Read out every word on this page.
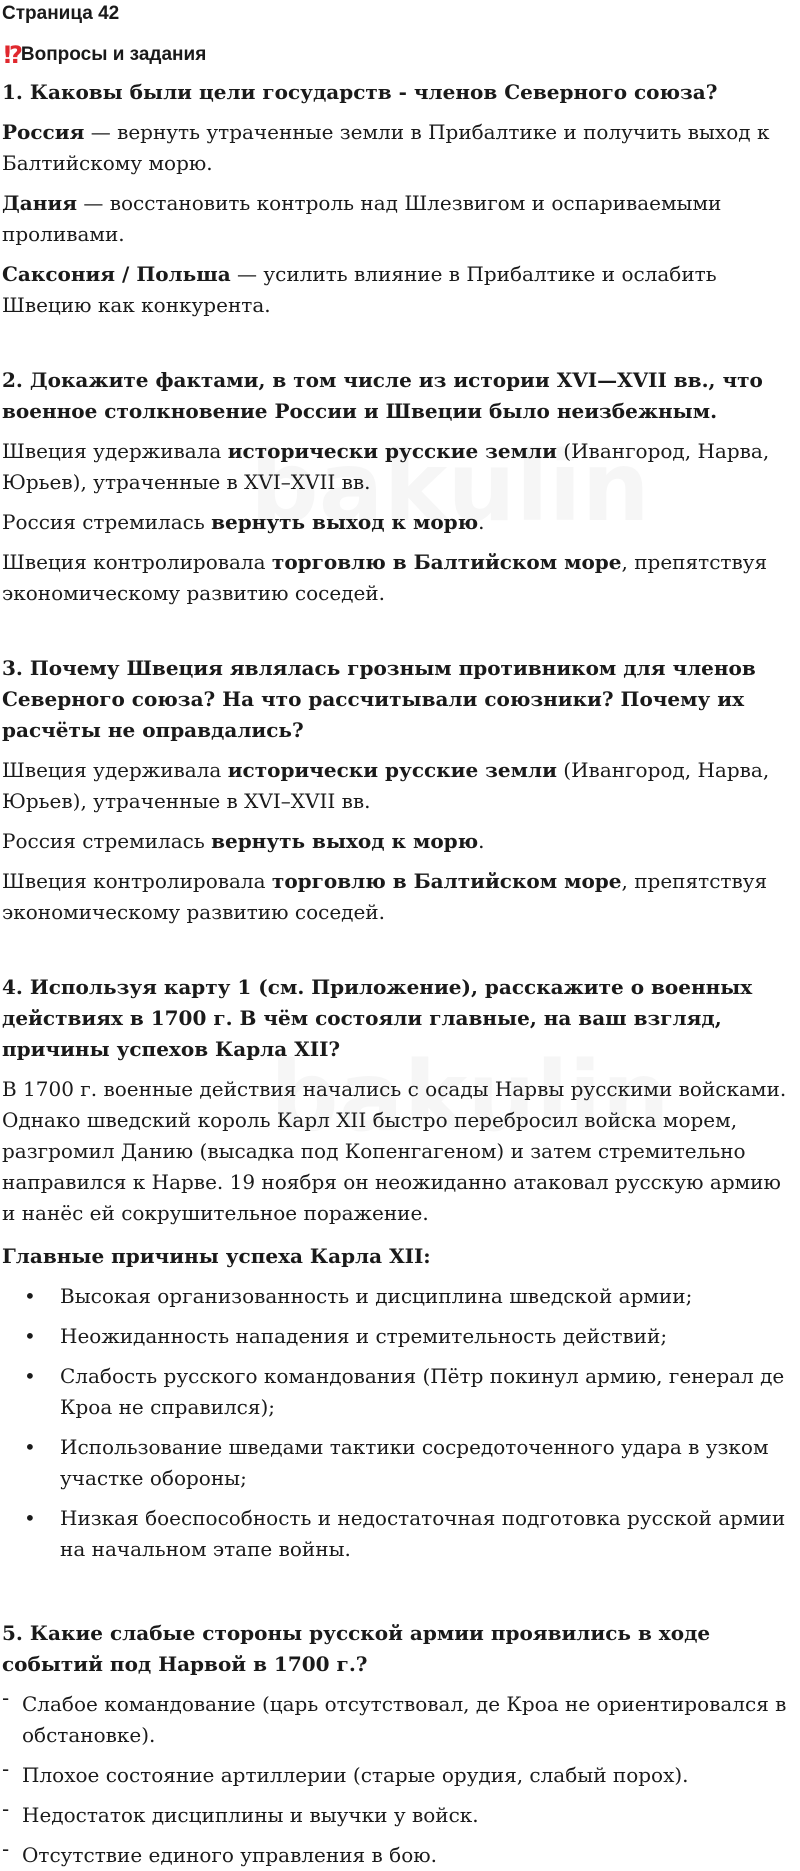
Страница 42
!? Вопросы и задания
1. Каковы были цели государств - членов Северного союза?
Россия — вернуть утраченные земли в Прибалтике и получить выход к Балтийскому морю.
Дания — восстановить контроль над Шлезвигом и оспариваемыми проливами.
Саксония / Польша — усилить влияние в Прибалтике и ослабить Швецию как конкурента.
2. Докажите фактами, в том числе из истории XVI—XVII вв., что военное столкновение России и Швеции было неизбежным.
Швеция удерживала исторически русские земли (Ивангород, Нарва, Юрьев), утраченные в XVI–XVII вв.
Россия стремилась вернуть выход к морю.
Швеция контролировала торговлю в Балтийском море, препятствуя экономическому развитию соседей.
3. Почему Швеция являлась грозным противником для членов Северного союза? На что рассчитывали союзники? Почему их расчёты не оправдались?
Швеция удерживала исторически русские земли (Ивангород, Нарва, Юрьев), утраченные в XVI–XVII вв.
Россия стремилась вернуть выход к морю.
Швеция контролировала торговлю в Балтийском море, препятствуя экономическому развитию соседей.
4. Используя карту 1 (см. Приложение), расскажите о военных действиях в 1700 г. В чём состояли главные, на ваш взгляд, причины успехов Карла XII?
В 1700 г. военные действия начались с осады Нарвы русскими войсками. Однако шведский король Карл XII быстро перебросил войска морем, разгромил Данию (высадка под Копенгагеном) и затем стремительно направился к Нарве. 19 ноября он неожиданно атаковал русскую армию и нанёс ей сокрушительное поражение.
Главные причины успеха Карла XII:
• Высокая организованность и дисциплина шведской армии;
• Неожиданность нападения и стремительность действий;
• Слабость русского командования (Пётр покинул армию, генерал де Кроа не справился);
• Использование шведами тактики сосредоточенного удара в узком участке обороны;
• Низкая боеспособность и недостаточная подготовка русской армии на начальном этапе войны.
5. Какие слабые стороны русской армии проявились в ходе событий под Нарвой в 1700 г.?
- Слабое командование (царь отсутствовал, де Кроа не ориентировался в обстановке).
- Плохое состояние артиллерии (старые орудия, слабый порох).
- Недостаток дисциплины и выучки у войск.
- Отсутствие единого управления в бою.
